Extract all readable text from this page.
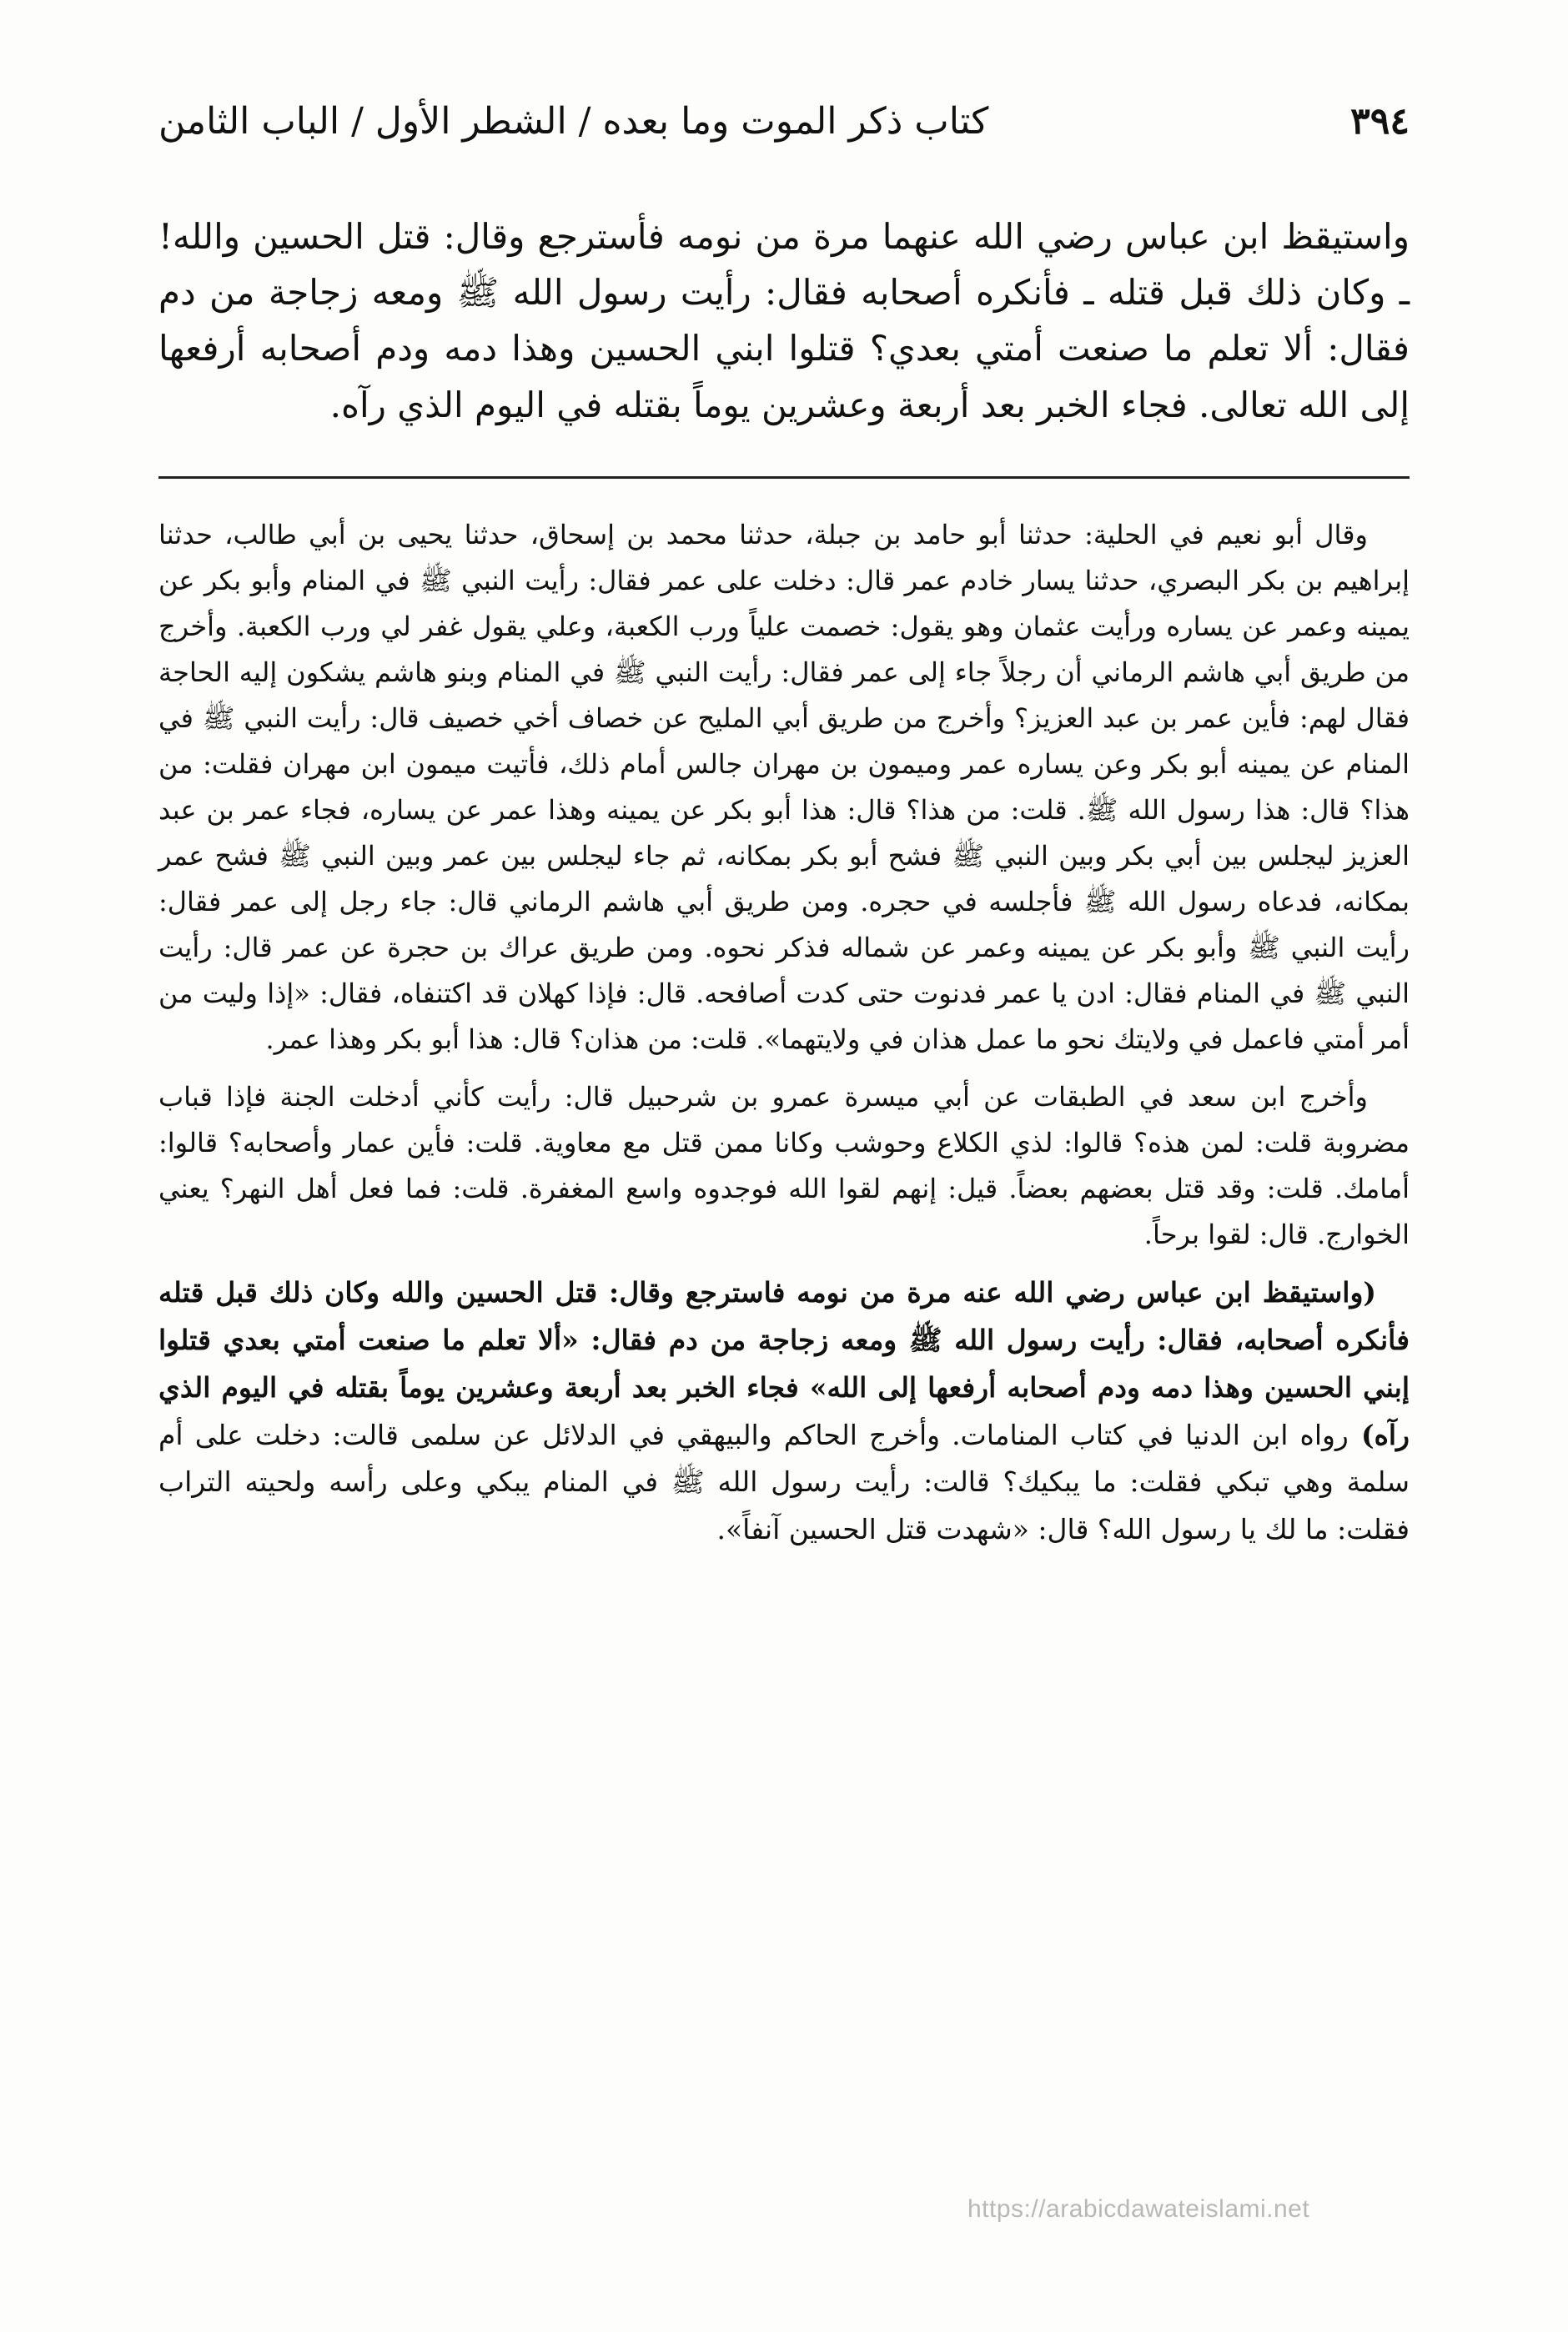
٣٩٤
كتاب ذكر الموت وما بعده / الشطر الأول / الباب الثامن

واستيقظ ابن عباس رضي الله عنهما مرة من نومه فأسترجع وقال: قتل الحسين والله! ـ وكان ذلك قبل قتله ـ فأنكره أصحابه فقال: رأيت رسول الله ﷺ ومعه زجاجة من دم فقال: ألا تعلم ما صنعت أمتي بعدي؟ قتلوا ابني الحسين وهذا دمه ودم أصحابه أرفعها إلى الله تعالى. فجاء الخبر بعد أربعة وعشرين يوماً بقتله في اليوم الذي رآه.

وقال أبو نعيم في الحلية: حدثنا أبو حامد بن جبلة، حدثنا محمد بن إسحاق، حدثنا يحيى بن أبي طالب، حدثنا إبراهيم بن بكر البصري، حدثنا يسار خادم عمر قال: دخلت على عمر فقال: رأيت النبي ﷺ في المنام وأبو بكر عن يمينه وعمر عن يساره ورأيت عثمان وهو يقول: خصمت علياً ورب الكعبة، وعلي يقول غفر لي ورب الكعبة. وأخرج من طريق أبي هاشم الرماني أن رجلاً جاء إلى عمر فقال: رأيت النبي ﷺ في المنام وبنو هاشم يشكون إليه الحاجة فقال لهم: فأين عمر بن عبد العزيز؟ وأخرج من طريق أبي المليح عن خصاف أخي خصيف قال: رأيت النبي ﷺ في المنام عن يمينه أبو بكر وعن يساره عمر وميمون بن مهران جالس أمام ذلك، فأتيت ميمون ابن مهران فقلت: من هذا؟ قال: هذا رسول الله ﷺ. قلت: من هذا؟ قال: هذا أبو بكر عن يمينه وهذا عمر عن يساره، فجاء عمر بن عبد العزيز ليجلس بين أبي بكر وبين النبي ﷺ فشح أبو بكر بمكانه، ثم جاء ليجلس بين عمر وبين النبي ﷺ فشح عمر بمكانه، فدعاه رسول الله ﷺ فأجلسه في حجره. ومن طريق أبي هاشم الرماني قال: جاء رجل إلى عمر فقال: رأيت النبي ﷺ وأبو بكر عن يمينه وعمر عن شماله فذكر نحوه. ومن طريق عراك بن حجرة عن عمر قال: رأيت النبي ﷺ في المنام فقال: ادن يا عمر فدنوت حتى كدت أصافحه. قال: فإذا كهلان قد اكتنفاه، فقال: «إذا وليت من أمر أمتي فاعمل في ولايتك نحو ما عمل هذان في ولايتهما». قلت: من هذان؟ قال: هذا أبو بكر وهذا عمر.

وأخرج ابن سعد في الطبقات عن أبي ميسرة عمرو بن شرحبيل قال: رأيت كأني أدخلت الجنة فإذا قباب مضروبة قلت: لمن هذه؟ قالوا: لذي الكلاع وحوشب وكانا ممن قتل مع معاوية. قلت: فأين عمار وأصحابه؟ قالوا: أمامك. قلت: وقد قتل بعضهم بعضاً. قيل: إنهم لقوا الله فوجدوه واسع المغفرة. قلت: فما فعل أهل النهر؟ يعني الخوارج. قال: لقوا برحاً.

(واستيقظ ابن عباس رضي الله عنه مرة من نومه فاسترجع وقال: قتل الحسين والله وكان ذلك قبل قتله فأنكره أصحابه، فقال: رأيت رسول الله ﷺ ومعه زجاجة من دم فقال: «ألا تعلم ما صنعت أمتي بعدي قتلوا إبني الحسين وهذا دمه ودم أصحابه أرفعها إلى الله» فجاء الخبر بعد أربعة وعشرين يوماً بقتله في اليوم الذي رآه) رواه ابن الدنيا في كتاب المنامات. وأخرج الحاكم والبيهقي في الدلائل عن سلمى قالت: دخلت على أم سلمة وهي تبكي فقلت: ما يبكيك؟ قالت: رأيت رسول الله ﷺ في المنام يبكي وعلى رأسه ولحيته التراب فقلت: ما لك يا رسول الله؟ قال: «شهدت قتل الحسين آنفاً».

https://arabicdawateislami.net
